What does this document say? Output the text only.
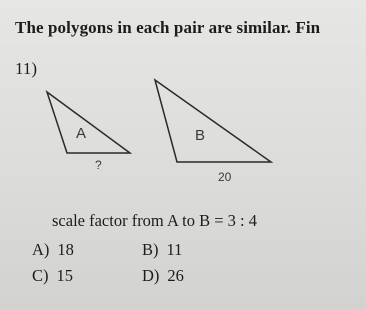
The polygons in each pair are similar. Fin
11)
A
?
B
20
scale factor from A to B = 3 : 4
A) 18	B) 11
C) 15	D) 26
